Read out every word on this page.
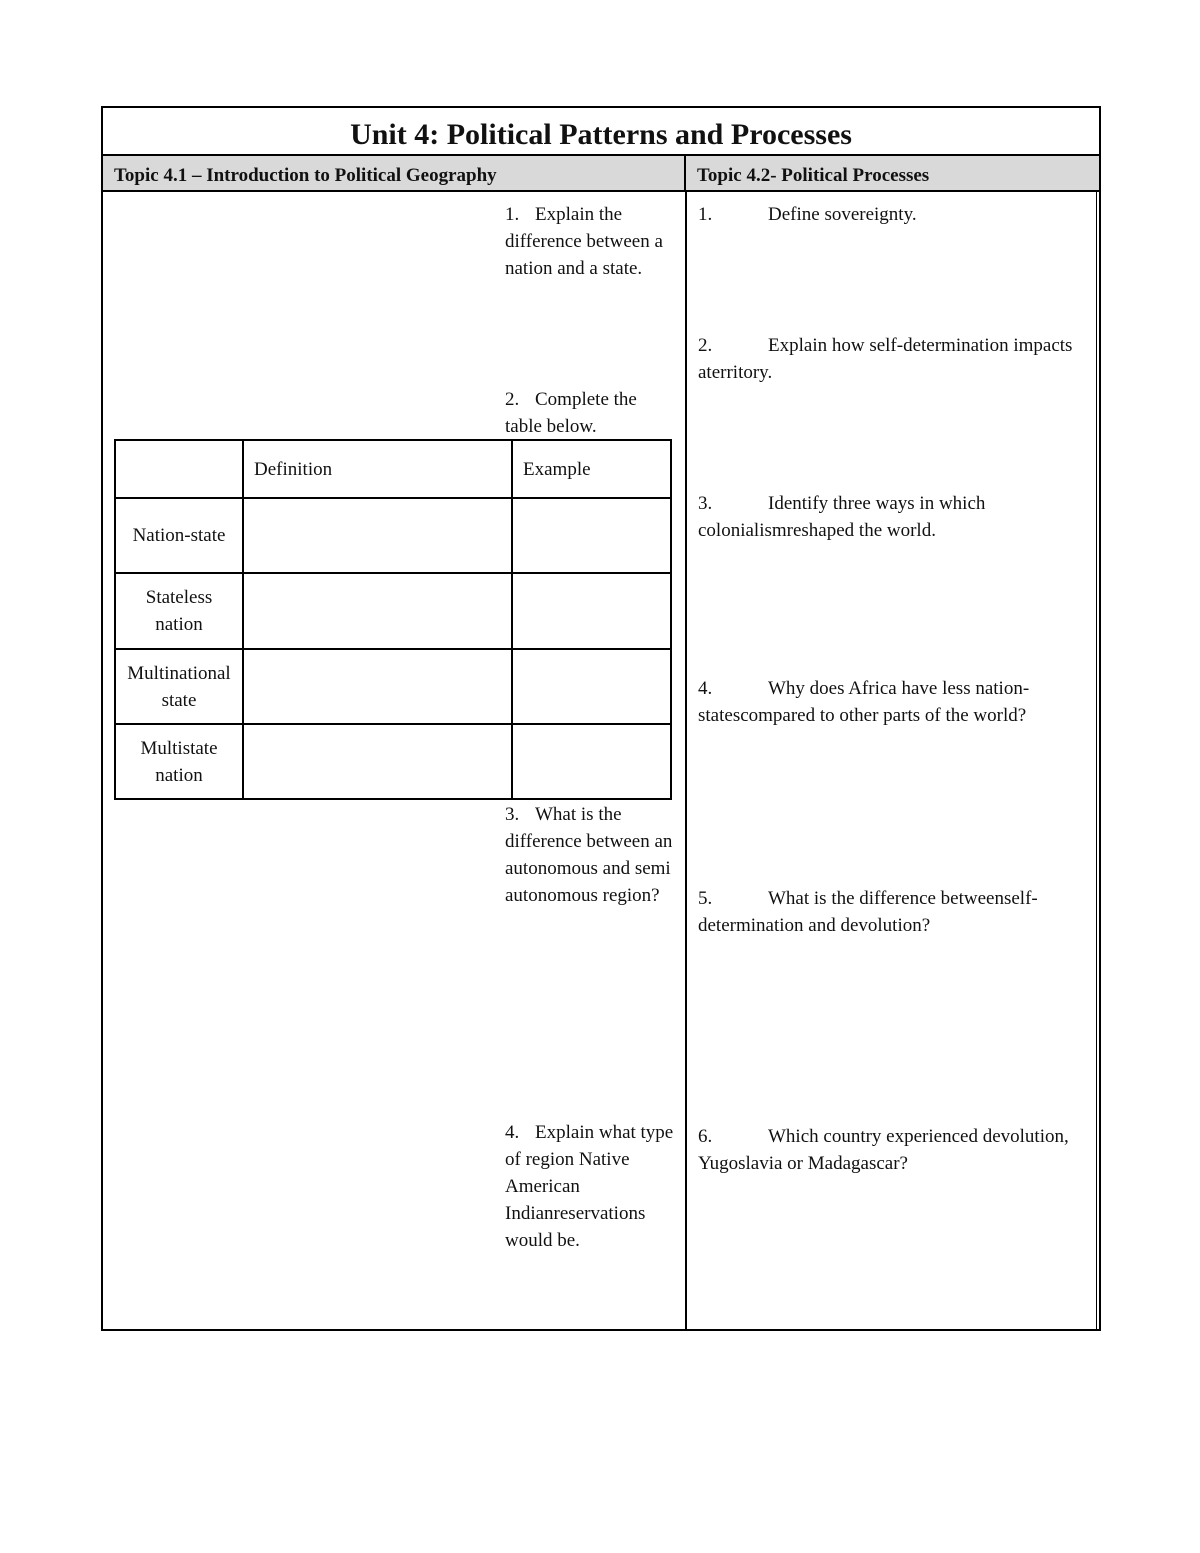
Unit 4: Political Patterns and Processes
Topic 4.1 – Introduction to Political Geography	Topic 4.2- Political Processes
1. Explain the difference between a nation and a state.
2. Complete the table below.
	Definition	Example
Nation-state		
Stateless nation		
Multinational state		
Multistate nation		
3. What is the difference between an autonomous and semi autonomous region?
4. Explain what type of region Native American Indianreservations would be.
1.	Define sovereignty.
2.	Explain how self-determination impacts aterritory.
3.	Identify three ways in which colonialismreshaped the world.
4.	Why does Africa have less nation-statescompared to other parts of the world?
5.	What is the difference betweenself-determination and devolution?
6.	Which country experienced devolution, Yugoslavia or Madagascar?
